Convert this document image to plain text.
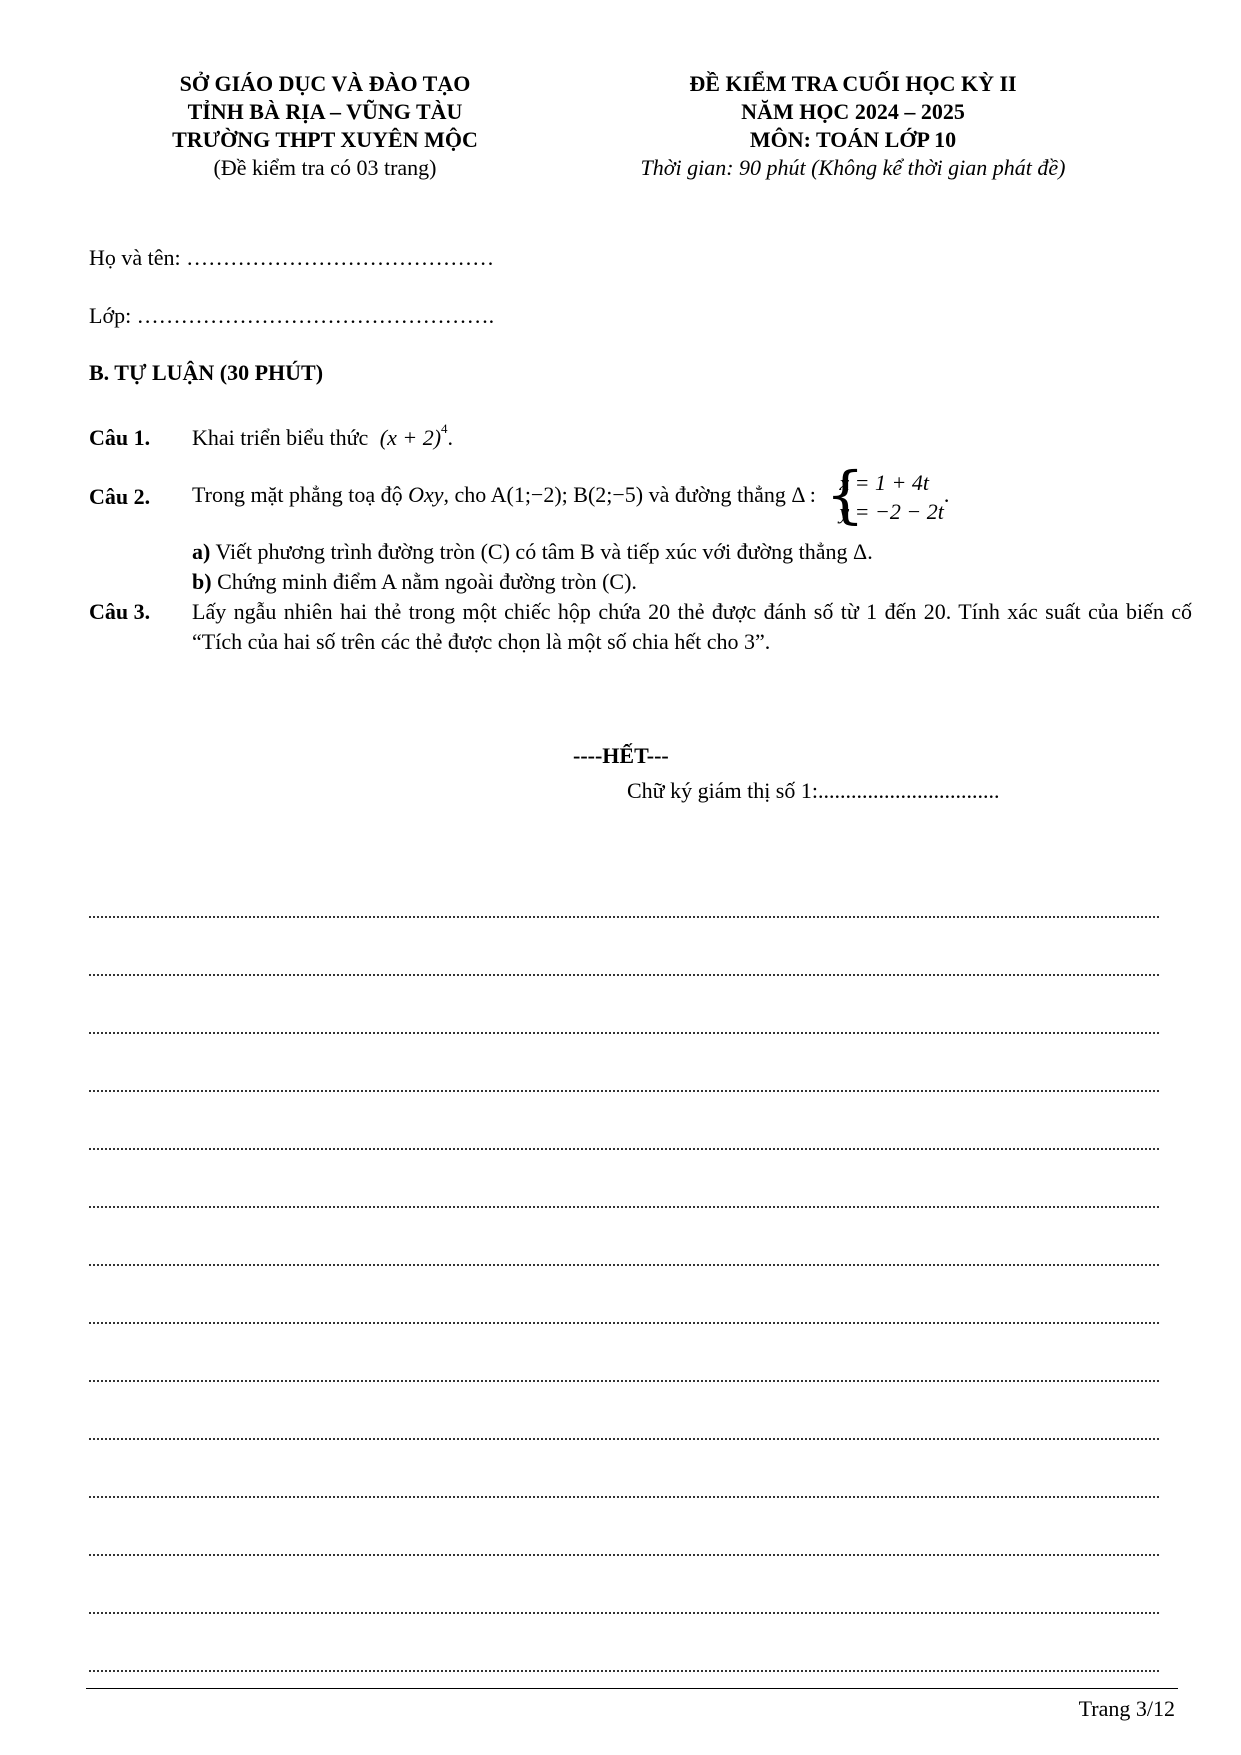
SỞ GIÁO DỤC VÀ ĐÀO TẠO
TỈNH BÀ RỊA – VŨNG TÀU
TRƯỜNG THPT XUYÊN MỘC
(Đề kiểm tra có 03 trang)
ĐỀ KIỂM TRA CUỐI HỌC KỲ II
NĂM HỌC 2024 – 2025
MÔN: TOÁN LỚP 10
Thời gian: 90 phút (Không kể thời gian phát đề)
Họ và tên: ……………………………………
Lớp: ………………………………………….
B. TỰ LUẬN (30 PHÚT)
Câu 1. Khai triển biểu thức $(x + 2)^4$.
Câu 2. Trong mặt phẳng toạ độ Oxy, cho A(1;−2); B(2;−5) và đường thẳng Δ : {
x = 1 + 4t
y = −2 − 2t
.
a) Viết phương trình đường tròn (C) có tâm B và tiếp xúc với đường thẳng Δ.
b) Chứng minh điểm A nằm ngoài đường tròn (C).
Câu 3. Lấy ngẫu nhiên hai thẻ trong một chiếc hộp chứa 20 thẻ được đánh số từ 1 đến 20. Tính xác suất của biến cố “Tích của hai số trên các thẻ được chọn là một số chia hết cho 3”.
----HẾT---
Chữ ký giám thị số 1:.................................
Trang 3/12
